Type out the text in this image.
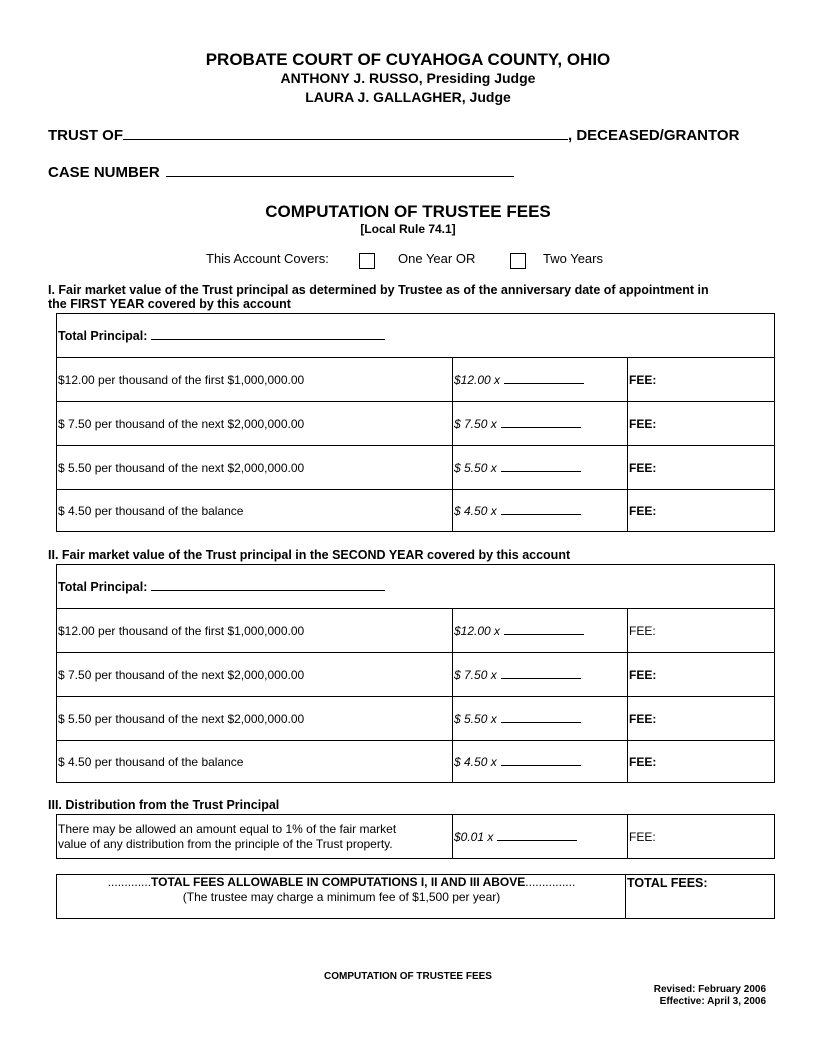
PROBATE COURT OF CUYAHOGA COUNTY, OHIO
ANTHONY J. RUSSO, Presiding Judge
LAURA J. GALLAGHER, Judge
TRUST OF	, DECEASED/GRANTOR
CASE NUMBER
COMPUTATION OF TRUSTEE FEES
[Local Rule 74.1]
This Account Covers:	One Year OR	Two Years
I. Fair market value of the Trust principal as determined by Trustee as of the anniversary date of appointment in
the FIRST YEAR covered by this account
Total Principal:		
$12.00 per thousand of the first $1,000,000.00	$12.00 x	FEE:
$ 7.50 per thousand of the next $2,000,000.00	$ 7.50 x	FEE:
$ 5.50 per thousand of the next $2,000,000.00	$ 5.50 x	FEE:
$ 4.50 per thousand of the balance	$ 4.50 x	FEE:
II. Fair market value of the Trust principal in the SECOND YEAR covered by this account
Total Principal:		
$12.00 per thousand of the first $1,000,000.00	$12.00 x	FEE:
$ 7.50 per thousand of the next $2,000,000.00	$ 7.50 x	FEE:
$ 5.50 per thousand of the next $2,000,000.00	$ 5.50 x	FEE:
$ 4.50 per thousand of the balance	$ 4.50 x	FEE:
III. Distribution from the Trust Principal
There may be allowed an amount equal to 1% of the fair market
value of any distribution from the principle of the Trust property.	$0.01 x	FEE:
.............TOTAL FEES ALLOWABLE IN COMPUTATIONS I, II AND III ABOVE...............
(The trustee may charge a minimum fee of $1,500 per year)
	TOTAL FEES:
COMPUTATION OF TRUSTEE FEES
Revised: February 2006
Effective: April 3, 2006
